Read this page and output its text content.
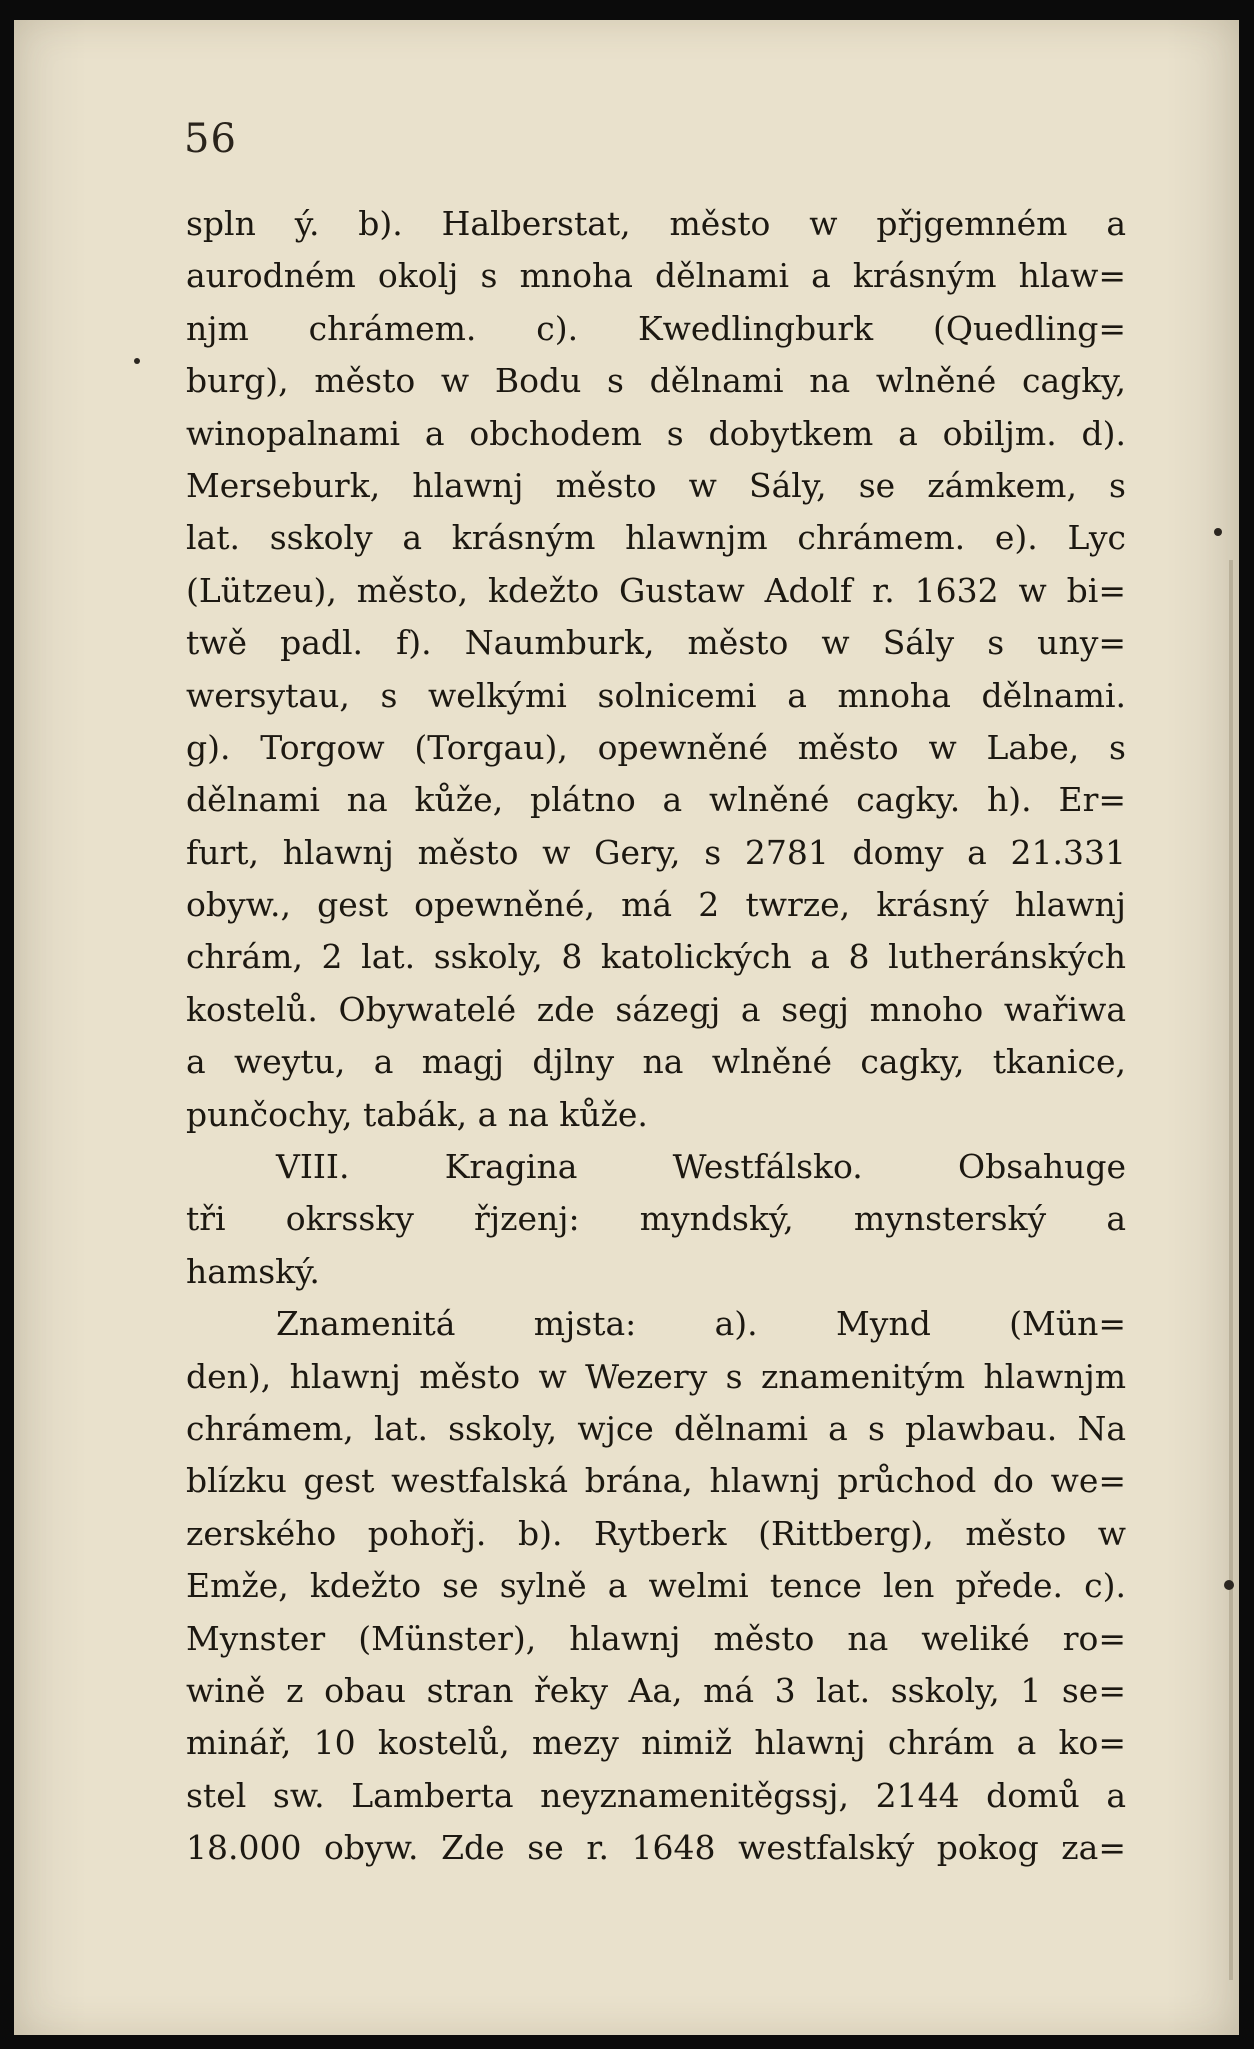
56
spln ý. b). Halberstat, město w přjgemném a
aurodném okolj s mnoha dělnami a krásným hlaw=
njm chrámem. c). Kwedlingburk (Quedling=
burg), město w Bodu s dělnami na wlněné cagky,
winopalnami a obchodem s dobytkem a obiljm. d).
Merseburk, hlawnj město w Sály, se zámkem, s
lat. sskoly a krásným hlawnjm chrámem. e). Lyc
(Lützeu), město, kdežto Gustaw Adolf r. 1632 w bi=
twě padl. f). Naumburk, město w Sály s uny=
wersytau, s welkými solnicemi a mnoha dělnami.
g). Torgow (Torgau), opewněné město w Labe, s
dělnami na kůže, plátno a wlněné cagky. h). Er=
furt, hlawnj město w Gery, s 2781 domy a 21.331
obyw., gest opewněné, má 2 twrze, krásný hlawnj
chrám, 2 lat. sskoly, 8 katolických a 8 lutheránských
kostelů. Obywatelé zde sázegj a segj mnoho wařiwa
a weytu, a magj djlny na wlněné cagky, tkanice,
punčochy, tabák, a na kůže.
VIII. Kragina Westfálsko. Obsahuge
tři okrssky řjzenj: myndský, mynsterský a
hamský.
Znamenitá mjsta: a). Mynd (Mün=
den), hlawnj město w Wezery s znamenitým hlawnjm
chrámem, lat. sskoly, wjce dělnami a s plawbau. Na
blízku gest westfalská brána, hlawnj průchod do we=
zerského pohořj. b). Rytberk (Rittberg), město w
Emže, kdežto se sylně a welmi tence len přede. c).
Mynster (Münster), hlawnj město na weliké ro=
wině z obau stran řeky Aa, má 3 lat. sskoly, 1 se=
minář, 10 kostelů, mezy nimiž hlawnj chrám a ko=
stel sw. Lamberta neyznamenitěgssj, 2144 domů a
18.000 obyw. Zde se r. 1648 westfalský pokog za=
